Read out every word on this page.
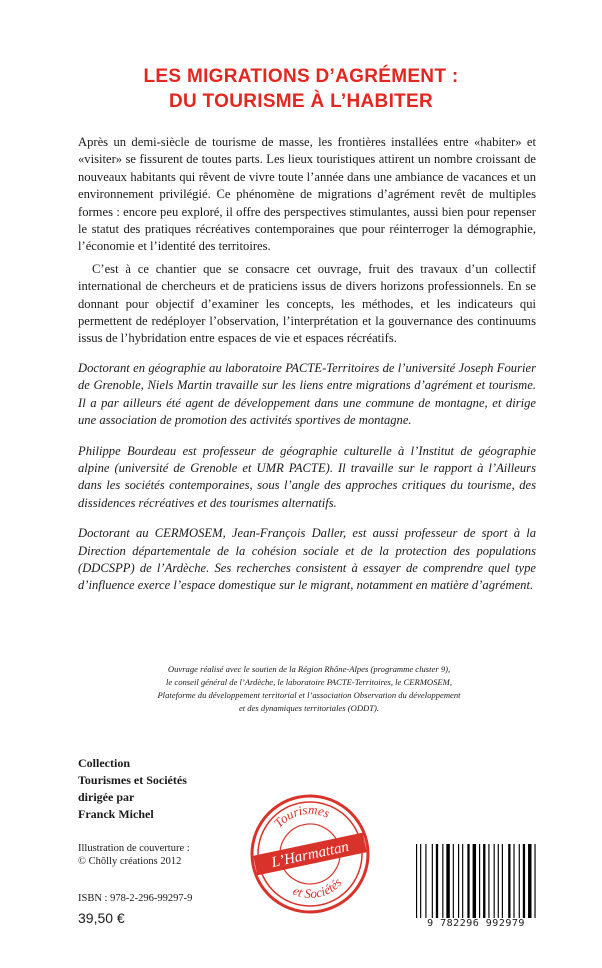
LES MIGRATIONS D’AGRÉMENT :
DU TOURISME À L’HABITER

Après un demi-siècle de tourisme de masse, les frontières installées entre «habiter» et «visiter» se fissurent de toutes parts. Les lieux touristiques attirent un nombre croissant de nouveaux habitants qui rêvent de vivre toute l’année dans une ambiance de vacances et un environnement privilégié. Ce phénomène de migrations d’agrément revêt de multiples formes : encore peu exploré, il offre des perspectives stimulantes, aussi bien pour repenser le statut des pratiques récréatives contemporaines que pour réinterroger la démographie, l’économie et l’identité des territoires.

C’est à ce chantier que se consacre cet ouvrage, fruit des travaux d’un collectif international de chercheurs et de praticiens issus de divers horizons professionnels. En se donnant pour objectif d’examiner les concepts, les méthodes, et les indicateurs qui permettent de redéployer l’observation, l’interprétation et la gouvernance des continuums issus de l’hybridation entre espaces de vie et espaces récréatifs.

Doctorant en géographie au laboratoire PACTE-Territoires de l’université Joseph Fourier de Grenoble, Niels Martin travaille sur les liens entre migrations d’agrément et tourisme. Il a par ailleurs été agent de développement dans une commune de montagne, et dirige une association de promotion des activités sportives de montagne.

Philippe Bourdeau est professeur de géographie culturelle à l’Institut de géographie alpine (université de Grenoble et UMR PACTE). Il travaille sur le rapport à l’Ailleurs dans les sociétés contemporaines, sous l’angle des approches critiques du tourisme, des dissidences récréatives et des tourismes alternatifs.

Doctorant au CERMOSEM, Jean-François Daller, est aussi professeur de sport à la Direction départementale de la cohésion sociale et de la protection des populations (DDCSPP) de l’Ardèche. Ses recherches consistent à essayer de comprendre quel type d’influence exerce l’espace domestique sur le migrant, notamment en matière d’agrément.

Ouvrage réalisé avec le soutien de la Région Rhône-Alpes (programme cluster 9),
le conseil général de l’Ardèche, le laboratoire PACTE-Territoires, le CERMOSEM,
Plateforme du développement territorial et l’association Observation du développement
et des dynamiques territoriales (ODDT).
Collection
Tourismes et Sociétés
dirigée par
Franck Michel
Illustration de couverture :
© Chôlly créations 2012
ISBN : 978-2-296-99297-9
39,50 €
Tourismes
L’Harmattan
et Sociétés
9 782296 992979
